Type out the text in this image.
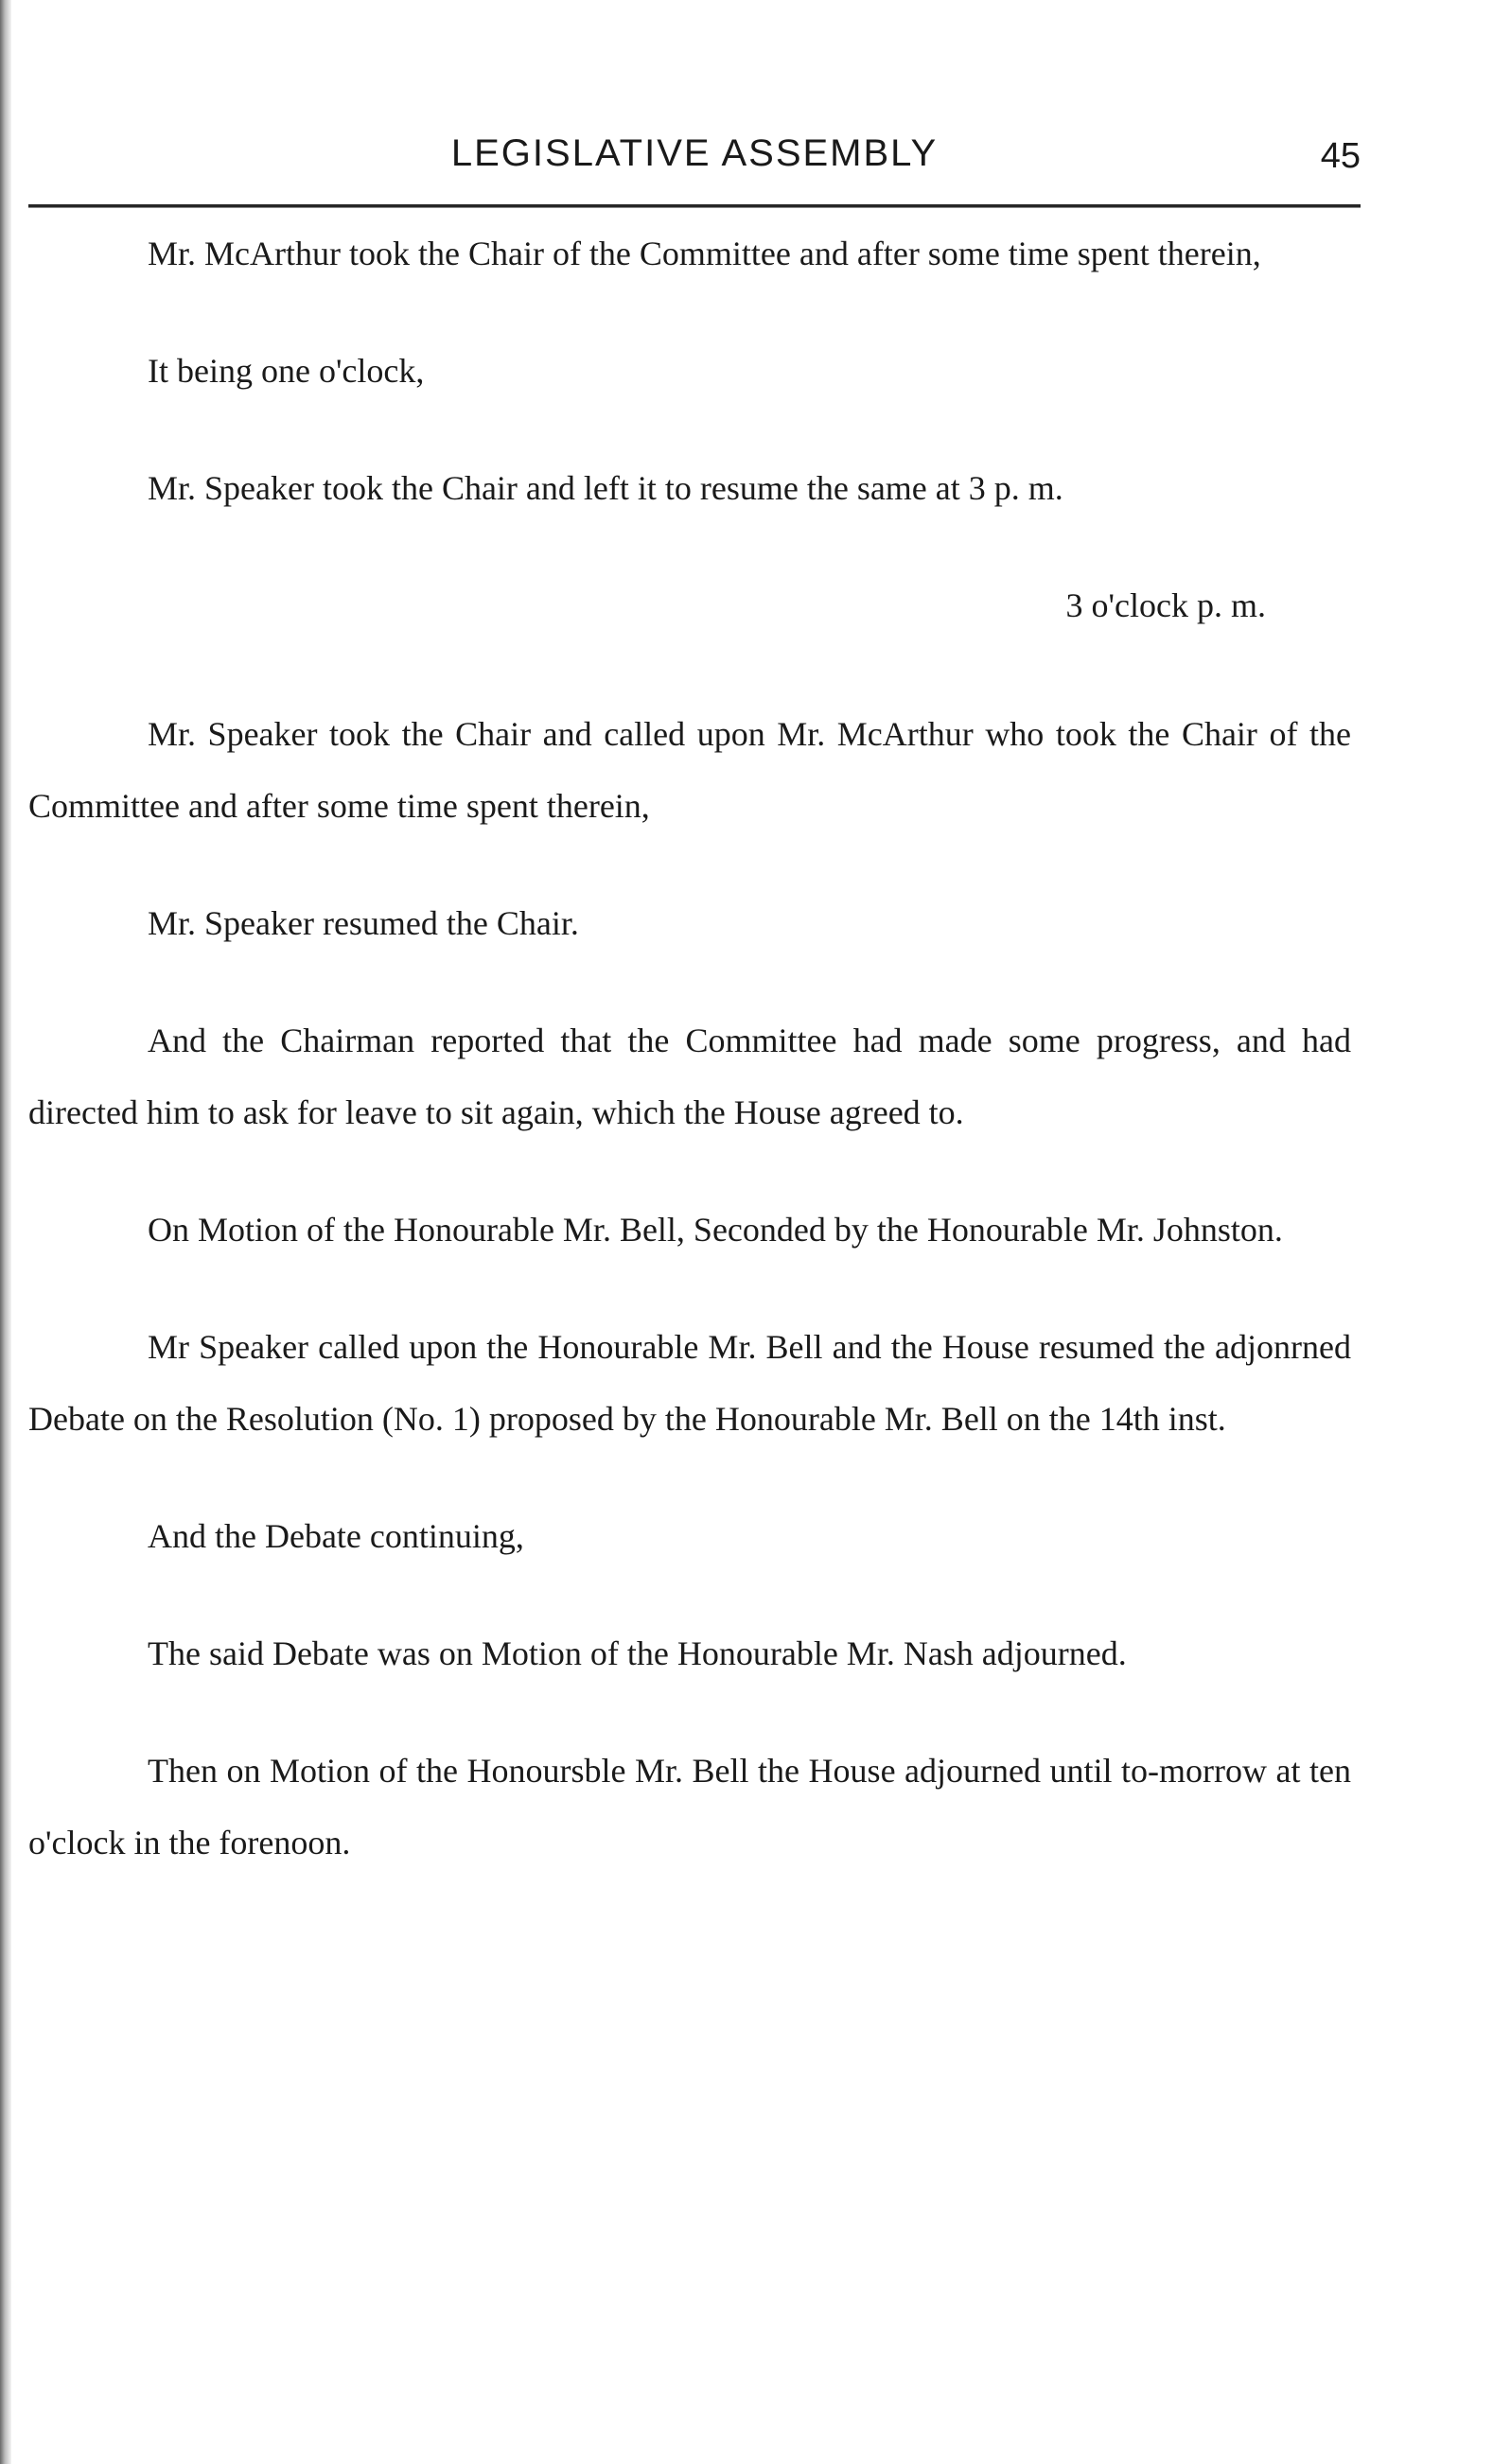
LEGISLATIVE ASSEMBLY	45

Mr. McArthur took the Chair of the Committee and after some time spent therein,

It being one o'clock,

Mr. Speaker took the Chair and left it to resume the same at 3 p. m.

3 o'clock p. m.

Mr. Speaker took the Chair and called upon Mr. McArthur who took the Chair of the Committee and after some time spent therein,

Mr. Speaker resumed the Chair.

And the Chairman reported that the Committee had made some progress, and had directed him to ask for leave to sit again, which the House agreed to.

On Motion of the Honourable Mr. Bell, Seconded by the Honourable Mr. Johnston.

Mr Speaker called upon the Honourable Mr. Bell and the House resumed the adjonrned Debate on the Resolution (No. 1) proposed by the Honourable Mr. Bell on the 14th inst.

And the Debate continuing,

The said Debate was on Motion of the Honourable Mr. Nash adjourned.

Then on Motion of the Honoursble Mr. Bell the House adjourned until to-morrow at ten o'clock in the forenoon.
